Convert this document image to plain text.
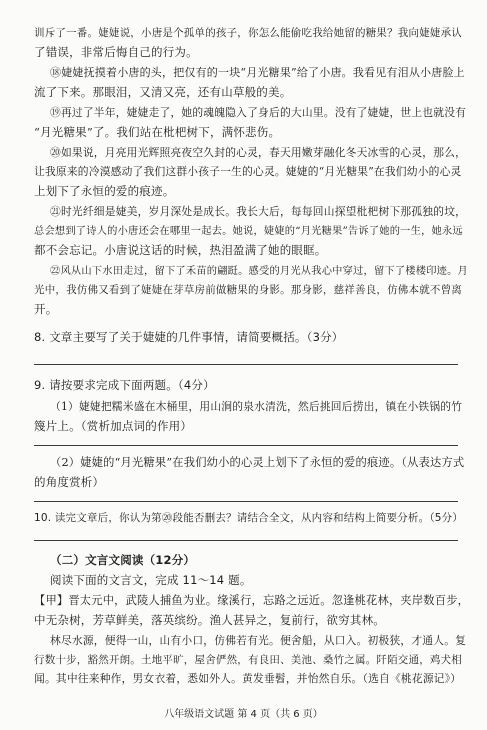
训斥了一番。婕婕说，小唐是个孤单的孩子，你怎么能偷吃我给她留的糖果？我向婕婕承认
了错误，非常后悔自己的行为。
⑱婕婕抚摸着小唐的头，把仅有的一块“月光糖果”给了小唐。我看见有泪从小唐脸上
流了下来。那眼泪，又清又亮，还有山草般的美。
⑲再过了半年，婕婕走了，她的魂魄隐入了身后的大山里。没有了婕婕，世上也就没有
“月光糖果”了。我们站在枇杷树下，满怀悲伤。
⑳如果说，月亮用光辉照亮夜空久封的心灵，春天用嫩芽融化冬天冰雪的心灵，那么，
让我原来的冷漠感动了我们这群小孩子一生的心灵。婕婕的“月光糖果”在我们幼小的心灵
上划下了永恒的爱的痕迹。
㉑时光纤细是婕美，岁月深处是成长。我长大后，每每回山探望枇杷树下那孤独的坟，
总会想到了诗人的小唐还会在哪里一起去。她说，婕婕的“月光糖果”告诉了她的一生，她永远
都不会忘记。小唐说这话的时候，热泪盈满了她的眼眶。
㉒风从山下水田走过，留下了禾苗的翩跹。感受的月光从我心中穿过，留下了楼楼印迹。月
光中，我仿佛又看到了婕婕在芽草房前做糖果的身影。那身影，慈祥善良，仿佛本就不曾离
开。
8. 文章主要写了关于婕婕的几件事情，请简要概括。（3分）
9. 请按要求完成下面两题。（4分）
（1）婕婕把糯米盛在木桶里，用山涧的泉水清洗，然后挑回后捞出，镇在小铁锅的竹
篾片上。（赏析加点词的作用）
（2）婕婕的“月光糖果”在我们幼小的心灵上划下了永恒的爱的痕迹。（从表达方式
的角度赏析）
10. 读完文章后，你认为第⑳段能否删去？请结合全文，从内容和结构上简要分析。（5分）
（二）文言文阅读（12分）
阅读下面的文言文，完成 11～14 题。
【甲】晋太元中，武陵人捕鱼为业。缘溪行，忘路之远近。忽逢桃花林，夹岸数百步，
中无杂树，芳草鲜美，落英缤纷。渔人甚异之，复前行，欲穷其林。
林尽水源，便得一山，山有小口，仿佛若有光。便舍船，从口入。初极狭，才通人。复
行数十步，豁然开朗。土地平旷，屋舍俨然，有良田、美池、桑竹之属。阡陌交通，鸡犬相
闻。其中往来种作，男女衣着，悉如外人。黄发垂髫，并怡然自乐。（选自《桃花源记》）
八年级语文试题 第 4 页（共 6 页）
